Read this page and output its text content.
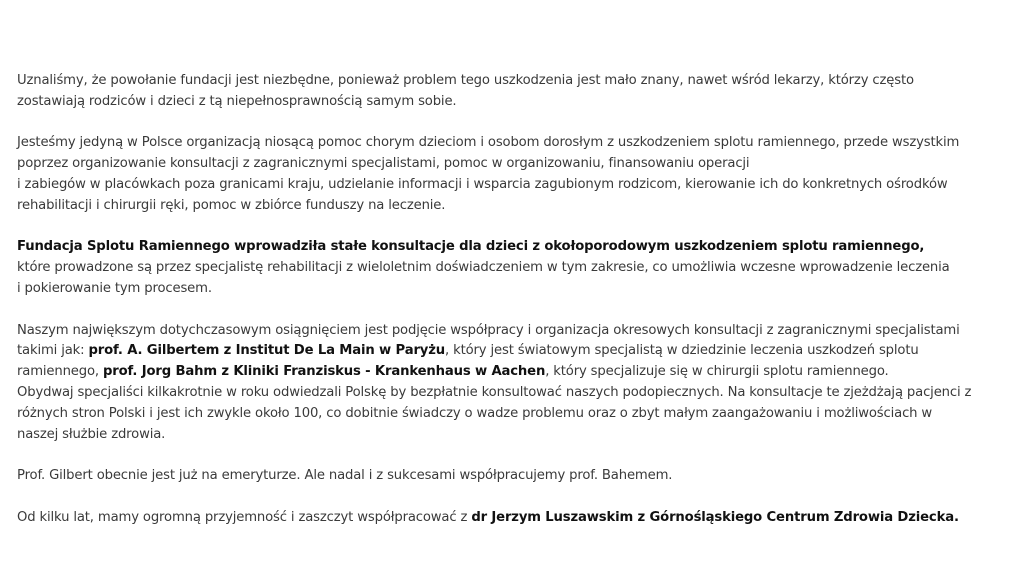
Uznaliśmy, że powołanie fundacji jest niezbędne, ponieważ problem tego uszkodzenia jest mało znany, nawet wśród lekarzy, którzy często
zostawiają rodziców i dzieci z tą niepełnosprawnością samym sobie.

Jesteśmy jedyną w Polsce organizacją niosącą pomoc chorym dzieciom i osobom dorosłym z uszkodzeniem splotu ramiennego, przede wszystkim
poprzez organizowanie konsultacji z zagranicznymi specjalistami, pomoc w organizowaniu, finansowaniu operacji
i zabiegów w placówkach poza granicami kraju, udzielanie informacji i wsparcia zagubionym rodzicom, kierowanie ich do konkretnych ośrodków
rehabilitacji i chirurgii ręki, pomoc w zbiórce funduszy na leczenie.

Fundacja Splotu Ramiennego wprowadziła stałe konsultacje dla dzieci z okołoporodowym uszkodzeniem splotu ramiennego,
które prowadzone są przez specjalistę rehabilitacji z wieloletnim doświadczeniem w tym zakresie, co umożliwia wczesne wprowadzenie leczenia
i pokierowanie tym procesem.

Naszym największym dotychczasowym osiągnięciem jest podjęcie współpracy i organizacja okresowych konsultacji z zagranicznymi specjalistami
takimi jak: prof. A. Gilbertem z Institut De La Main w Paryżu, który jest światowym specjalistą w dziedzinie leczenia uszkodzeń splotu
ramiennego, prof. Jorg Bahm z Kliniki Franziskus - Krankenhaus w Aachen, który specjalizuje się w chirurgii splotu ramiennego.
Obydwaj specjaliści kilkakrotnie w roku odwiedzali Polskę by bezpłatnie konsultować naszych podopiecznych. Na konsultacje te zjeżdżają pacjenci z
różnych stron Polski i jest ich zwykle około 100, co dobitnie świadczy o wadze problemu oraz o zbyt małym zaangażowaniu i możliwościach w
naszej służbie zdrowia.

Prof. Gilbert obecnie jest już na emeryturze. Ale nadal i z sukcesami współpracujemy prof. Bahemem.

Od kilku lat, mamy ogromną przyjemność i zaszczyt współpracować z dr Jerzym Luszawskim z Górnośląskiego Centrum Zdrowia Dziecka.
